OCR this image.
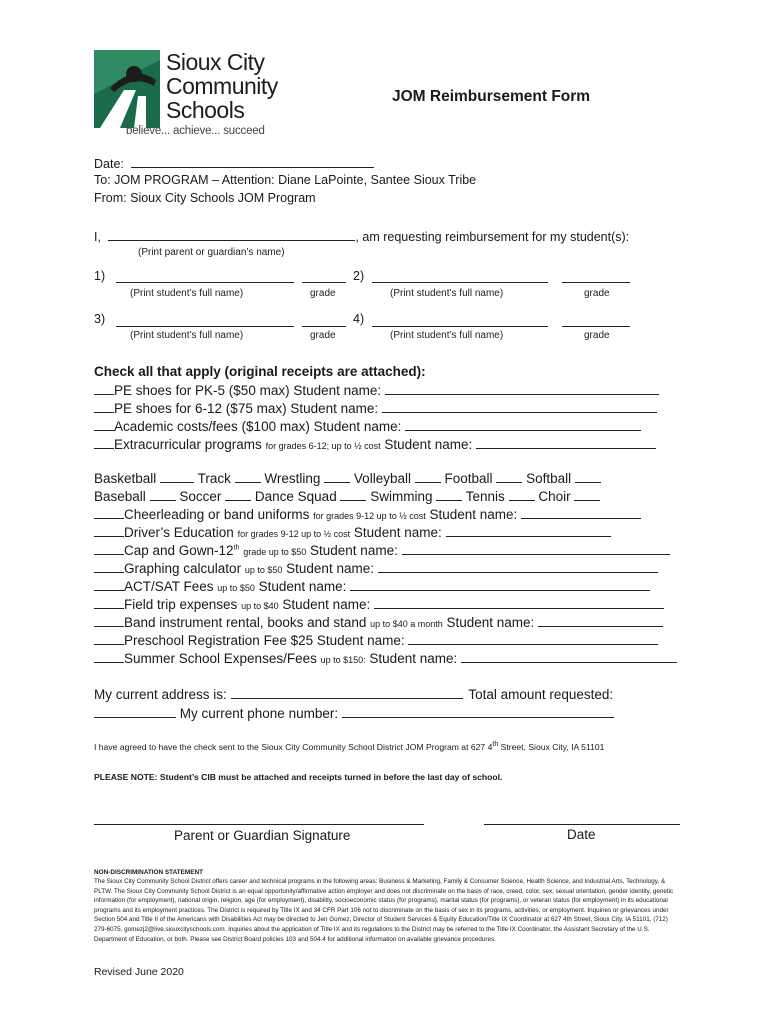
Sioux City
Community
Schools
believe... achieve... succeed
JOM Reimbursement Form
Date:
To: JOM PROGRAM – Attention: Diane LaPointe, Santee Sioux Tribe
From: Sioux City Schools JOM Program
I,	, am requesting reimbursement for my student(s):
(Print parent or guardian’s name)
1)
(Print student’s full name)	grade
2)
(Print student’s full name)	grade
3)
(Print student’s full name)	grade
4)
(Print student’s full name)	grade
Check all that apply (original receipts are attached):
PE shoes for PK-5 ($50 max) Student name:
PE shoes for 6-12 ($75 max) Student name:
Academic costs/fees ($100 max) Student name:
Extracurricular programs for grades 6-12; up to ½ cost Student name:
Basketball	Track Wrestling Volleyball Football Softball
Baseball Soccer Dance Squad Swimming Tennis Choir
Cheerleading or band uniforms for grades 9-12 up to ½ cost Student name:
Driver’s Education for grades 9-12 up to ½ cost Student name:
Cap and Gown-12th grade up to $50 Student name:
Graphing calculator up to $50 Student name:
ACT/SAT Fees up to $50 Student name:
Field trip expenses up to $40 Student name:
Band instrument rental, books and stand up to $40 a month Student name:
Preschool Registration Fee $25 Student name:
Summer School Expenses/Fees up to $150: Student name:
My current address is:	Total amount requested:
My current phone number:
I have agreed to have the check sent to the Sioux City Community School District JOM Program at 627 4th Street, Sioux City, IA 51101
PLEASE NOTE: Student’s CIB must be attached and receipts turned in before the last day of school.
Parent or Guardian Signature	Date
NON-DISCRIMINATION STATEMENT
The Sioux City Community School District offers career and technical programs in the following areas: Business & Marketing, Family & Consumer Science, Health Science, and Industrial Arts, Technology, & PLTW. The Sioux City Community School District is an equal opportunity/affirmative action employer and does not discriminate on the basis of race, creed, color, sex, sexual orientation, gender identity, genetic information (for employment), national origin, religion, age (for employment), disability, socioeconomic status (for programs), marital status (for programs), or veteran status (for employment) in its educational programs and its employment practices. The District is required by Title IX and 34 CFR Part 106 not to discriminate on the basis of sex in its programs, activities, or employment. Inquiries or grievances under Section 504 and Title II of the Americans with Disabilities Act may be directed to Jen Gomez, Director of Student Services & Equity Education/Title IX Coordinator at 627 4th Street, Sioux City, IA 51101, (712) 279-6075, gomezj2@live.siouxcityschools.com. Inquiries about the application of Title IX and its regulations to the District may be referred to the Title IX Coordinator, the Assistant Secretary of the U.S. Department of Education, or both. Please see District Board policies 103 and 504.4 for additional information on available grievance procedures.
Revised June 2020
